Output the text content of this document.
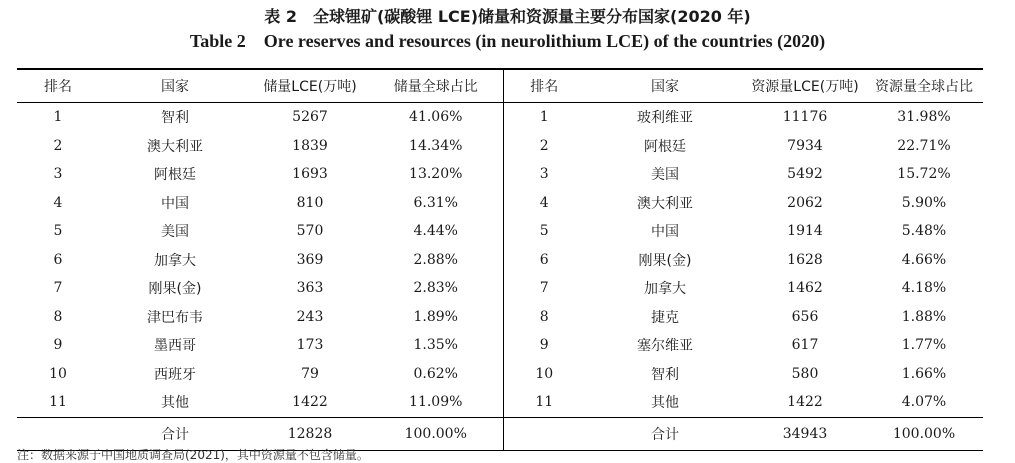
表 2　全球锂矿(碳酸锂 LCE)储量和资源量主要分布国家(2020 年)
Table 2　Ore reserves and resources (in neurolithium LCE) of the countries (2020)
排名	国家	储量LCE(万吨)	储量全球占比	排名	国家	资源量LCE(万吨)	资源量全球占比
1	智利	5267	41.06%	1	玻利维亚	11176	31.98%
2	澳大利亚	1839	14.34%	2	阿根廷	7934	22.71%
3	阿根廷	1693	13.20%	3	美国	5492	15.72%
4	中国	810	6.31%	4	澳大利亚	2062	5.90%
5	美国	570	4.44%	5	中国	1914	5.48%
6	加拿大	369	2.88%	6	刚果(金)	1628	4.66%
7	刚果(金)	363	2.83%	7	加拿大	1462	4.18%
8	津巴布韦	243	1.89%	8	捷克	656	1.88%
9	墨西哥	173	1.35%	9	塞尔维亚	617	1.77%
10	西班牙	79	0.62%	10	智利	580	1.66%
11	其他	1422	11.09%	11	其他	1422	4.07%
	合计	12828	100.00%		合计	34943	100.00%
注：数据来源于中国地质调查局(2021)，其中资源量不包含储量。
